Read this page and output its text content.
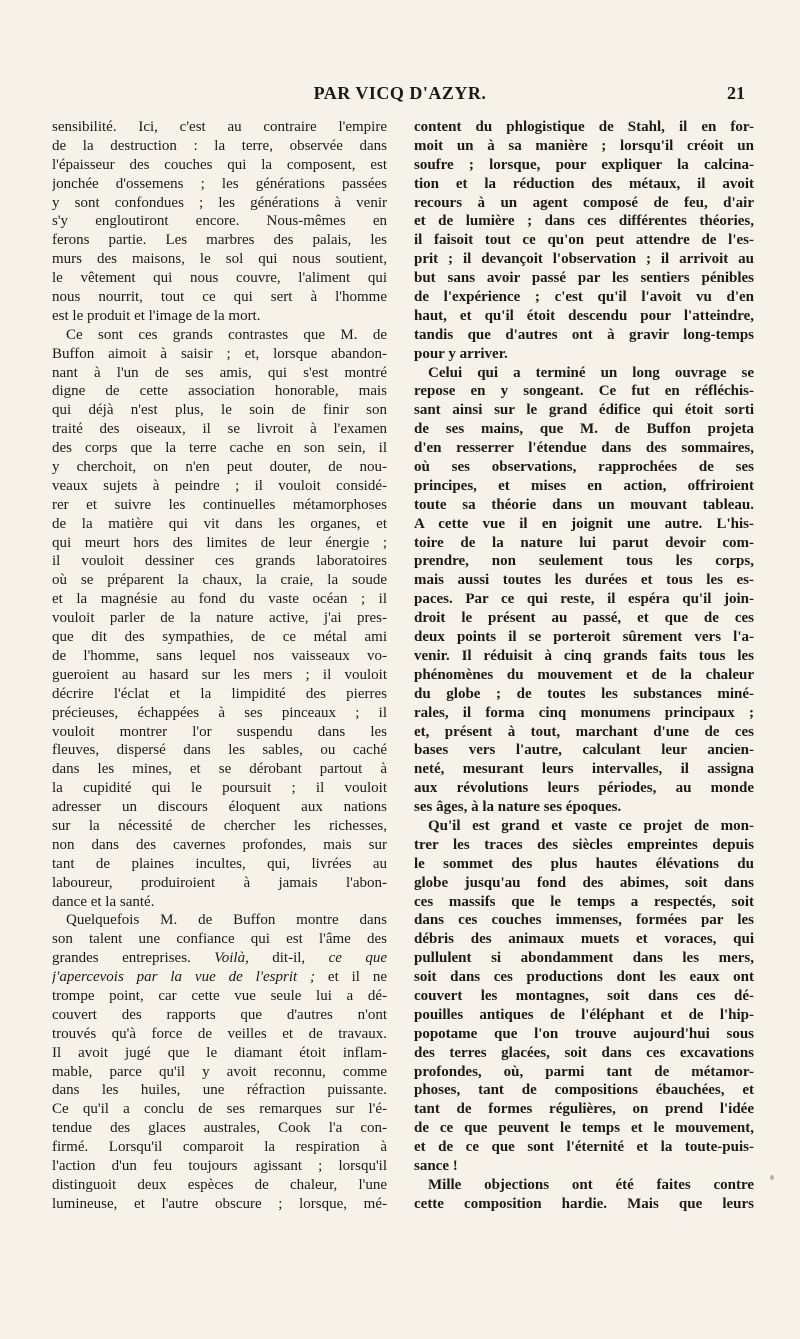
PAR VICQ D'AZYR.	21
sensibilité. Ici, c'est au contraire l'empire
de la destruction : la terre, observée dans
l'épaisseur des couches qui la composent, est
jonchée d'ossemens ; les générations passées
y sont confondues ; les générations à venir
s'y engloutiront encore. Nous-mêmes en
ferons partie. Les marbres des palais, les
murs des maisons, le sol qui nous soutient,
le vêtement qui nous couvre, l'aliment qui
nous nourrit, tout ce qui sert à l'homme
est le produit et l'image de la mort.
Ce sont ces grands contrastes que M. de
Buffon aimoit à saisir ; et, lorsque abandon-
nant à l'un de ses amis, qui s'est montré
digne de cette association honorable, mais
qui déjà n'est plus, le soin de finir son
traité des oiseaux, il se livroit à l'examen
des corps que la terre cache en son sein, il
y cherchoit, on n'en peut douter, de nou-
veaux sujets à peindre ; il vouloit considé-
rer et suivre les continuelles métamorphoses
de la matière qui vit dans les organes, et
qui meurt hors des limites de leur énergie ;
il vouloit dessiner ces grands laboratoires
où se préparent la chaux, la craie, la soude
et la magnésie au fond du vaste océan ; il
vouloit parler de la nature active, j'ai pres-
que dit des sympathies, de ce métal ami
de l'homme, sans lequel nos vaisseaux vo-
gueroient au hasard sur les mers ; il vouloit
décrire l'éclat et la limpidité des pierres
précieuses, échappées à ses pinceaux ; il
vouloit montrer l'or suspendu dans les
fleuves, dispersé dans les sables, ou caché
dans les mines, et se dérobant partout à
la cupidité qui le poursuit ; il vouloit
adresser un discours éloquent aux nations
sur la nécessité de chercher les richesses,
non dans des cavernes profondes, mais sur
tant de plaines incultes, qui, livrées au
laboureur, produiroient à jamais l'abon-
dance et la santé.
Quelquefois M. de Buffon montre dans
son talent une confiance qui est l'âme des
grandes entreprises. Voilà, dit-il, ce que
j'apercevois par la vue de l'esprit ; et il ne
trompe point, car cette vue seule lui a dé-
couvert des rapports que d'autres n'ont
trouvés qu'à force de veilles et de travaux.
Il avoit jugé que le diamant étoit inflam-
mable, parce qu'il y avoit reconnu, comme
dans les huiles, une réfraction puissante.
Ce qu'il a conclu de ses remarques sur l'é-
tendue des glaces australes, Cook l'a con-
firmé. Lorsqu'il comparoit la respiration à
l'action d'un feu toujours agissant ; lorsqu'il
distinguoit deux espèces de chaleur, l'une
lumineuse, et l'autre obscure ; lorsque, mé-
content du phlogistique de Stahl, il en for-
moit un à sa manière ; lorsqu'il créoit un
soufre ; lorsque, pour expliquer la calcina-
tion et la réduction des métaux, il avoit
recours à un agent composé de feu, d'air
et de lumière ; dans ces différentes théories,
il faisoit tout ce qu'on peut attendre de l'es-
prit ; il devançoit l'observation ; il arrivoit au
but sans avoir passé par les sentiers pénibles
de l'expérience ; c'est qu'il l'avoit vu d'en
haut, et qu'il étoit descendu pour l'atteindre,
tandis que d'autres ont à gravir long-temps
pour y arriver.
Celui qui a terminé un long ouvrage se
repose en y songeant. Ce fut en réfléchis-
sant ainsi sur le grand édifice qui étoit sorti
de ses mains, que M. de Buffon projeta
d'en resserrer l'étendue dans des sommaires,
où ses observations, rapprochées de ses
principes, et mises en action, offriroient
toute sa théorie dans un mouvant tableau.
A cette vue il en joignit une autre. L'his-
toire de la nature lui parut devoir com-
prendre, non seulement tous les corps,
mais aussi toutes les durées et tous les es-
paces. Par ce qui reste, il espéra qu'il join-
droit le présent au passé, et que de ces
deux points il se porteroit sûrement vers l'a-
venir. Il réduisit à cinq grands faits tous les
phénomènes du mouvement et de la chaleur
du globe ; de toutes les substances miné-
rales, il forma cinq monumens principaux ;
et, présent à tout, marchant d'une de ces
bases vers l'autre, calculant leur ancien-
neté, mesurant leurs intervalles, il assigna
aux révolutions leurs périodes, au monde
ses âges, à la nature ses époques.
Qu'il est grand et vaste ce projet de mon-
trer les traces des siècles empreintes depuis
le sommet des plus hautes élévations du
globe jusqu'au fond des abimes, soit dans
ces massifs que le temps a respectés, soit
dans ces couches immenses, formées par les
débris des animaux muets et voraces, qui
pullulent si abondamment dans les mers,
soit dans ces productions dont les eaux ont
couvert les montagnes, soit dans ces dé-
pouilles antiques de l'éléphant et de l'hip-
popotame que l'on trouve aujourd'hui sous
des terres glacées, soit dans ces excavations
profondes, où, parmi tant de métamor-
phoses, tant de compositions ébauchées, et
tant de formes régulières, on prend l'idée
de ce que peuvent le temps et le mouvement,
et de ce que sont l'éternité et la toute-puis-
sance !
Mille objections ont été faites contre
cette composition hardie. Mais que leurs
